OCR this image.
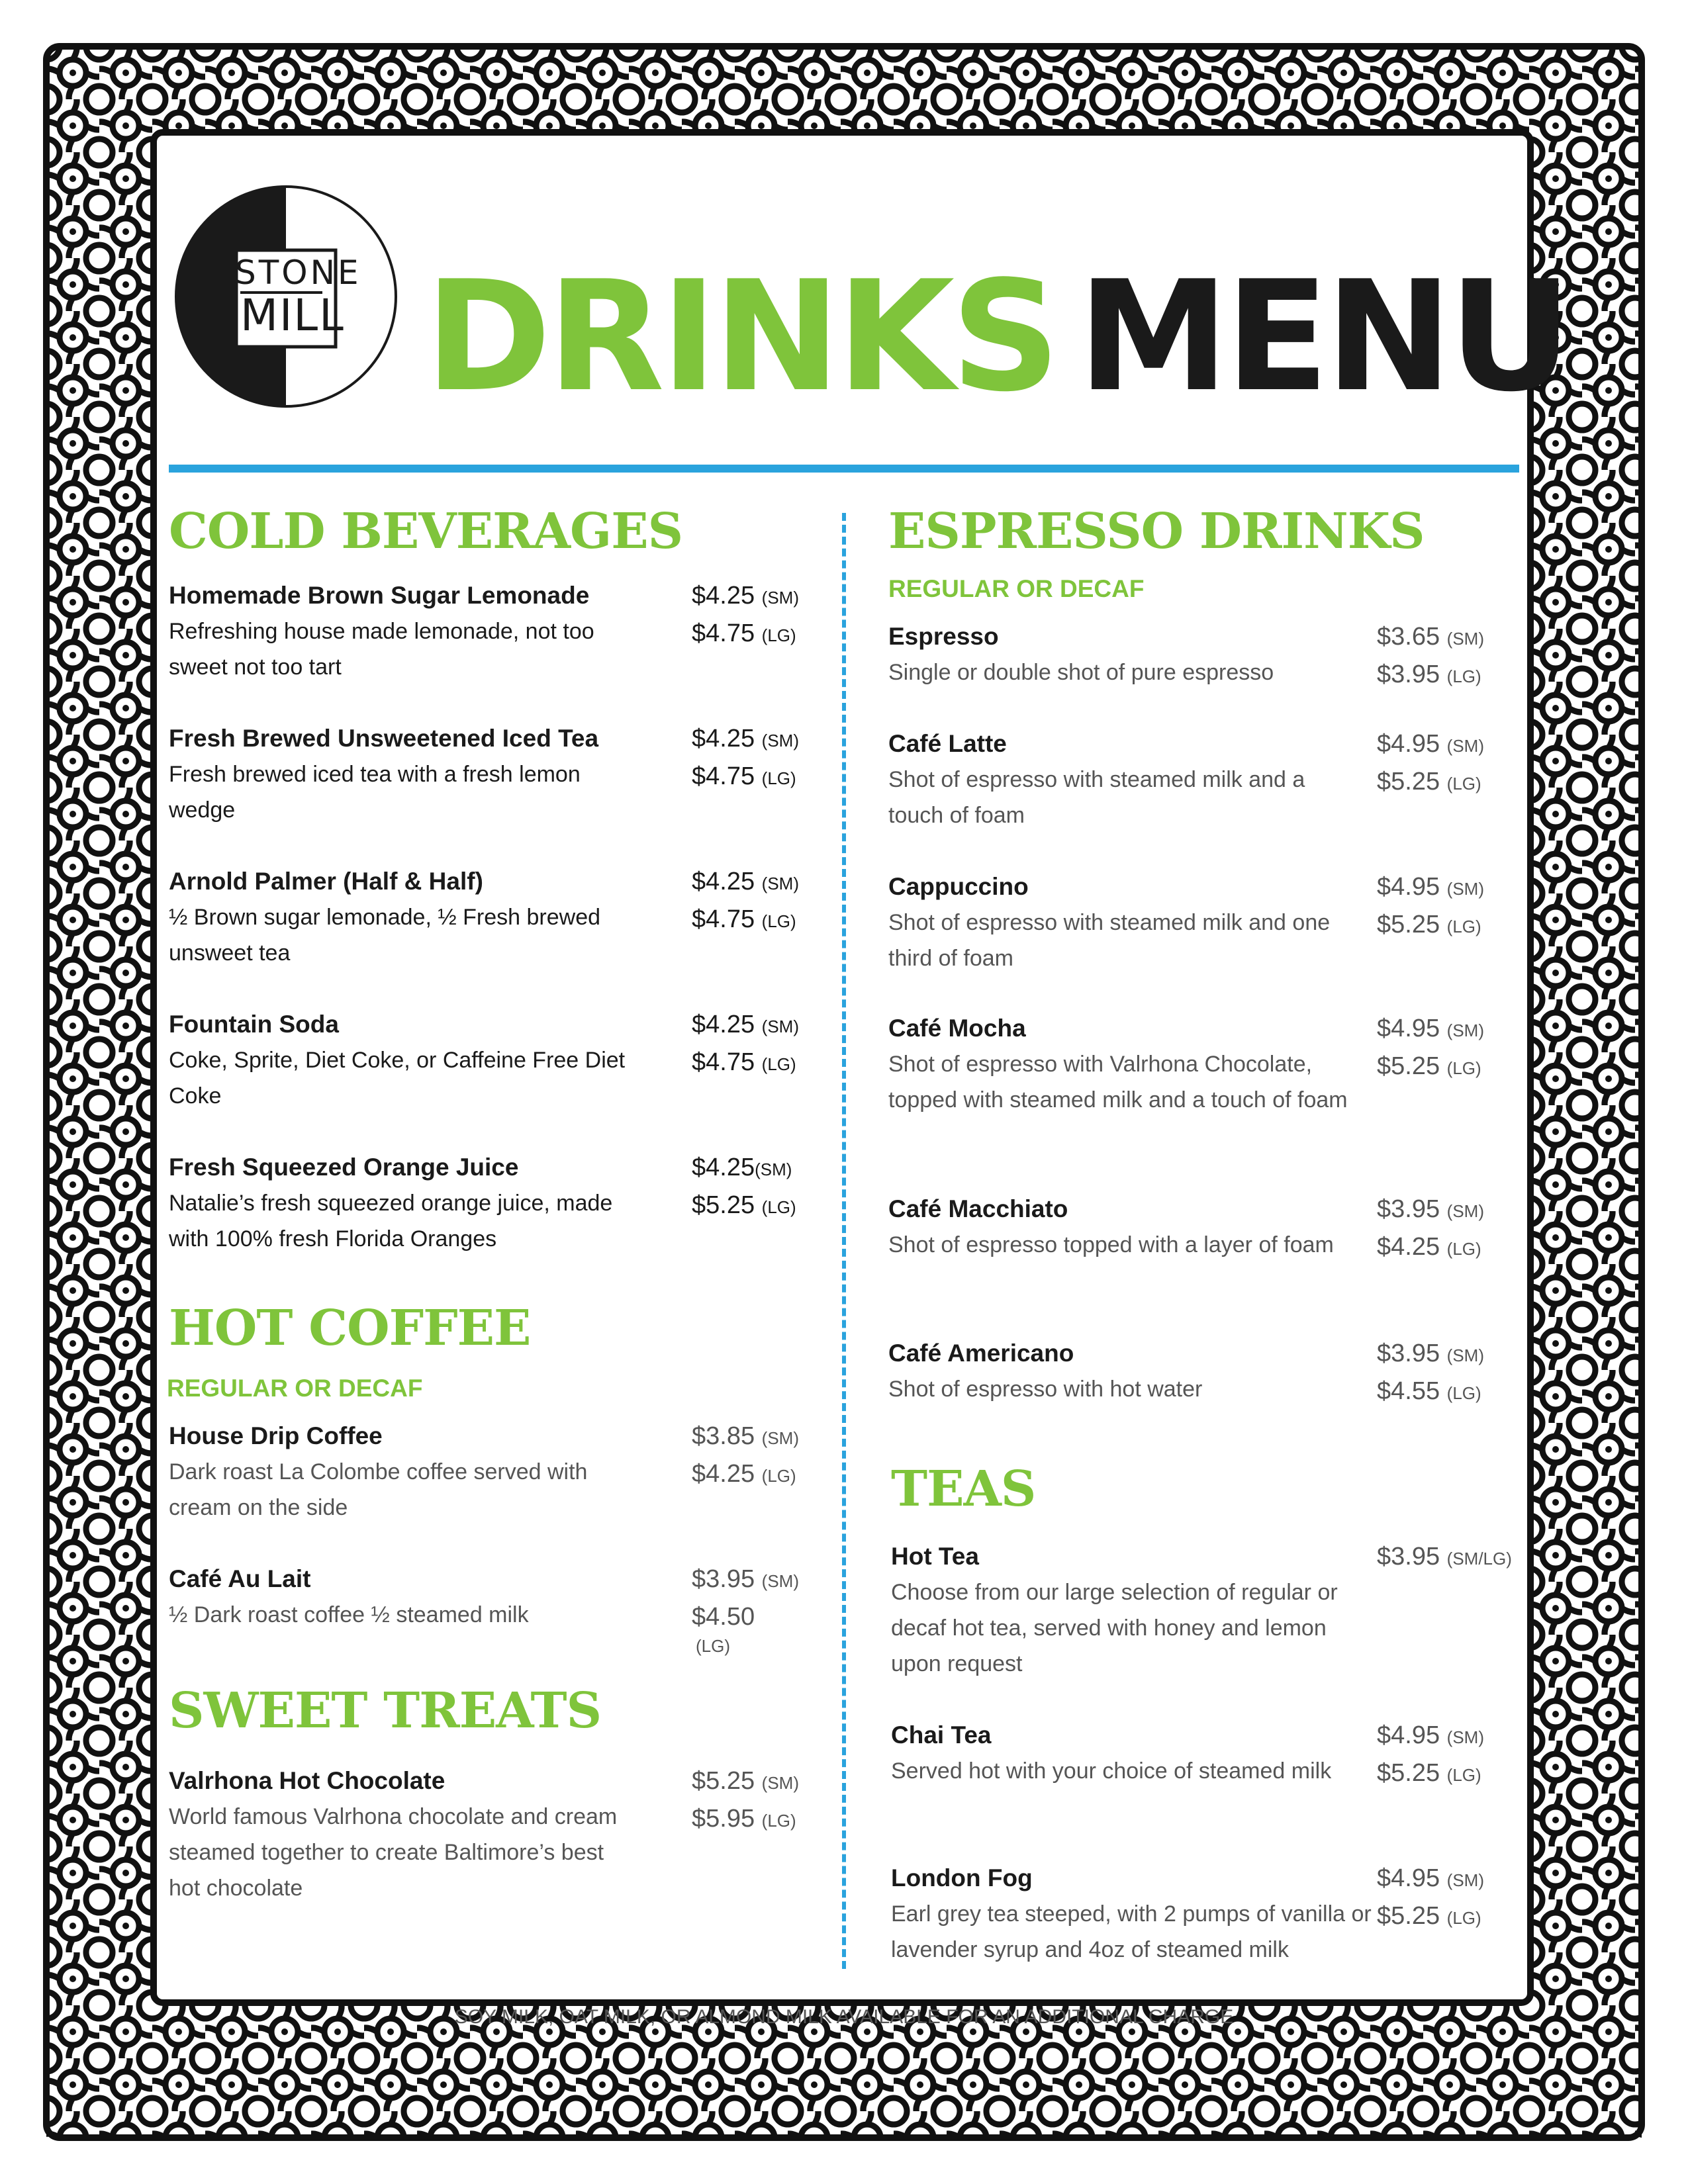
STONE
MILL DRINKS MENU
COLD BEVERAGES
Homemade Brown Sugar Lemonade
Refreshing house made lemonade, not too sweet not too tart
$4.25 (SM)
$4.75 (LG)
Fresh Brewed Unsweetened Iced Tea
Fresh brewed iced tea with a fresh lemon wedge
$4.25 (SM)
$4.75 (LG)
Arnold Palmer (Half & Half)
½ Brown sugar lemonade, ½ Fresh brewed unsweet tea
$4.25 (SM)
$4.75 (LG)
Fountain Soda
Coke, Sprite, Diet Coke, or Caffeine Free Diet Coke
$4.25 (SM)
$4.75 (LG)
Fresh Squeezed Orange Juice
Natalie’s fresh squeezed orange juice, made with 100% fresh Florida Oranges
$4.25(SM)
$5.25 (LG)
HOT COFFEE
REGULAR OR DECAF
House Drip Coffee
Dark roast La Colombe coffee served with cream on the side
$3.85 (SM)
$4.25 (LG)
Café Au Lait
½ Dark roast coffee ½ steamed milk
$3.95 (SM)
$4.50
(LG)
SWEET TREATS
Valrhona Hot Chocolate
World famous Valrhona chocolate and cream steamed together to create Baltimore’s best hot chocolate
$5.25 (SM)
$5.95 (LG)
ESPRESSO DRINKS
REGULAR OR DECAF
Espresso
Single or double shot of pure espresso
$3.65 (SM)
$3.95 (LG)
Café Latte
Shot of espresso with steamed milk and a touch of foam
$4.95 (SM)
$5.25 (LG)
Cappuccino
Shot of espresso with steamed milk and one third of foam
$4.95 (SM)
$5.25 (LG)
Café Mocha
Shot of espresso with Valrhona Chocolate, topped with steamed milk and a touch of foam
$4.95 (SM)
$5.25 (LG)
Café Macchiato
Shot of espresso topped with a layer of foam
$3.95 (SM)
$4.25 (LG)
Café Americano
Shot of espresso with hot water
$3.95 (SM)
$4.55 (LG)
TEAS
Hot Tea
Choose from our large selection of regular or decaf hot tea, served with honey and lemon upon request
$3.95 (SM/LG)
Chai Tea
Served hot with your choice of steamed milk
$4.95 (SM)
$5.25 (LG)
London Fog
Earl grey tea steeped, with 2 pumps of vanilla or lavender syrup and 4oz of steamed milk
$4.95 (SM)
$5.25 (LG)
SOY MILK, OAT MILK, OR ALMOND MILK AVAILABLE FOR AN ADDITIONAL CHARGE
